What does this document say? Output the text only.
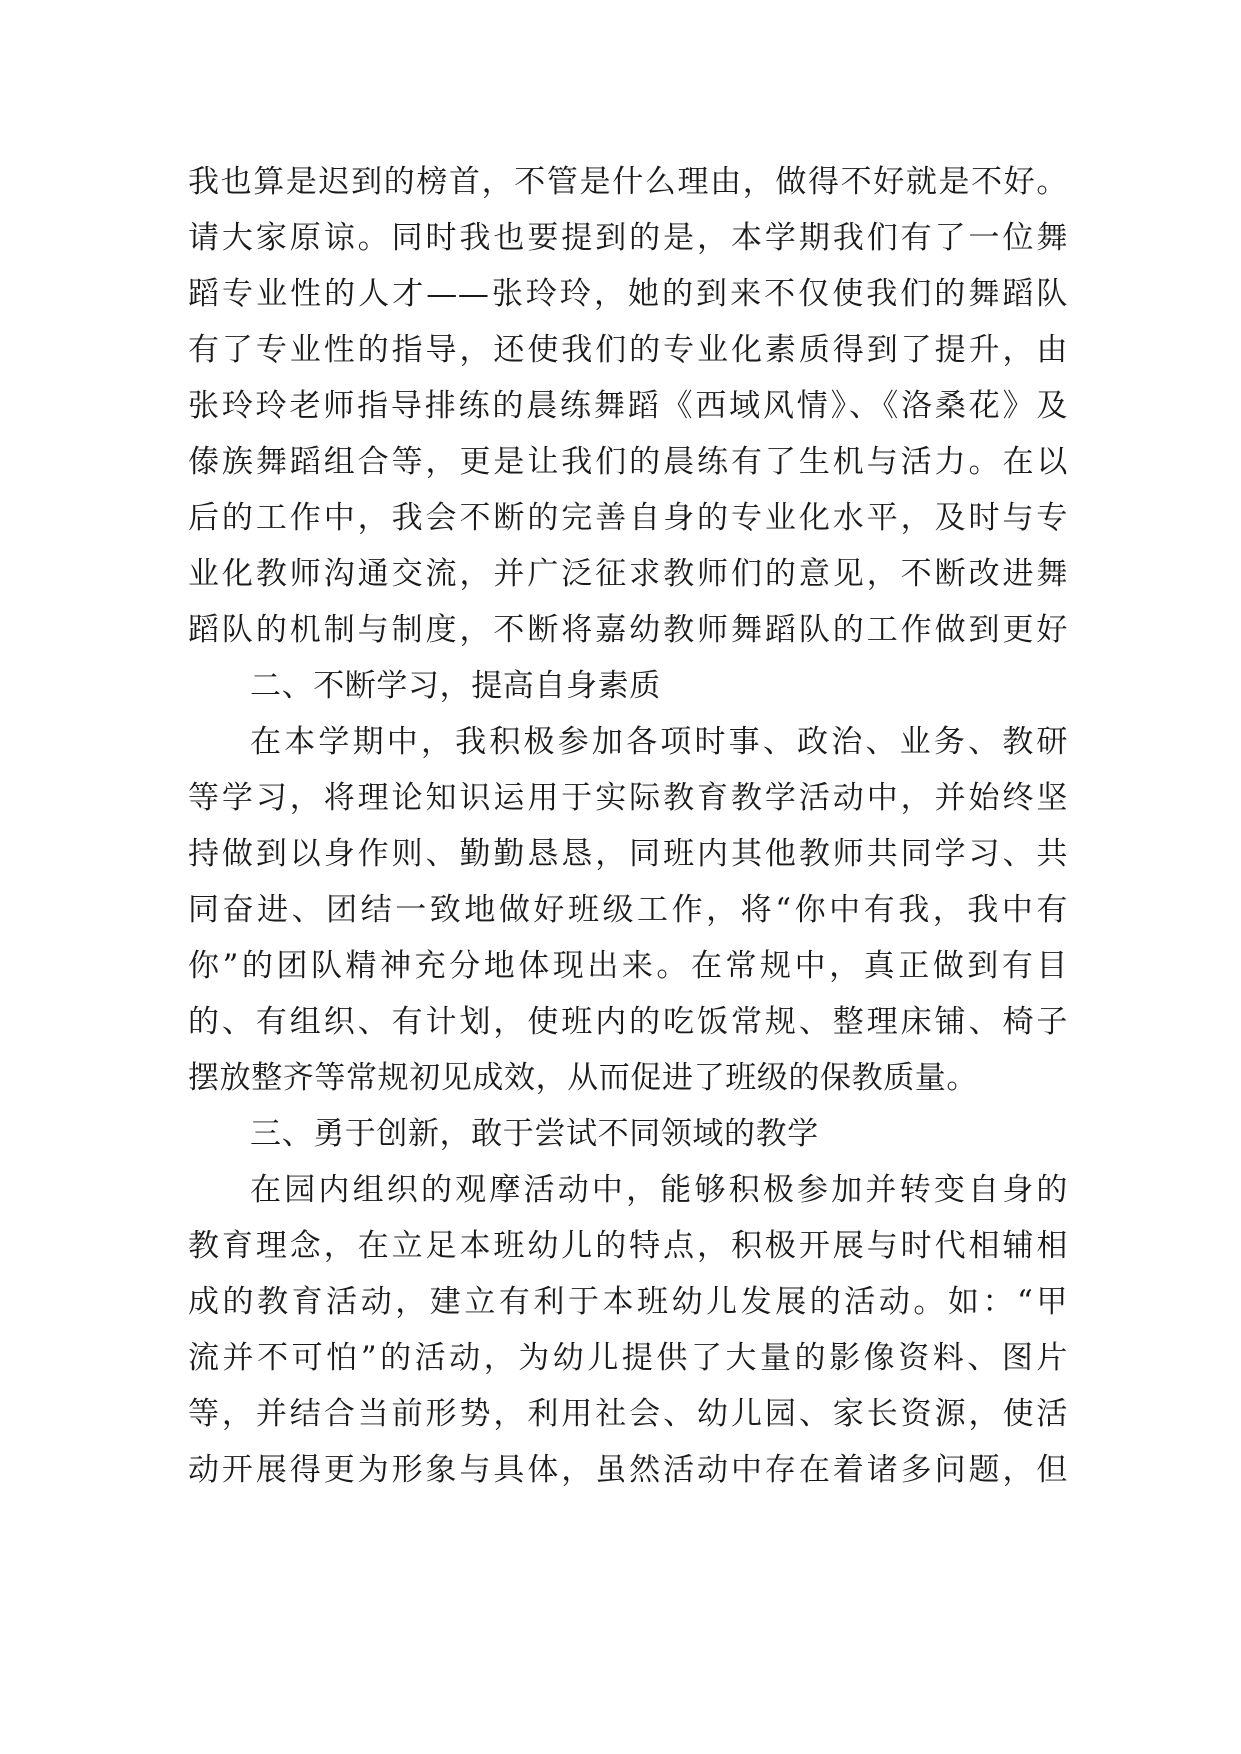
我也算是迟到的榜首，不管是什么理由，做得不好就是不好。
请大家原谅。同时我也要提到的是，本学期我们有了一位舞
蹈专业性的人才——张玲玲，她的到来不仅使我们的舞蹈队
有了专业性的指导，还使我们的专业化素质得到了提升，由
张玲玲老师指导排练的晨练舞蹈《西域风情》、《洛桑花》及
傣族舞蹈组合等，更是让我们的晨练有了生机与活力。在以
后的工作中，我会不断的完善自身的专业化水平，及时与专
业化教师沟通交流，并广泛征求教师们的意见，不断改进舞
蹈队的机制与制度，不断将嘉幼教师舞蹈队的工作做到更好
二、不断学习，提高自身素质
在本学期中，我积极参加各项时事、政治、业务、教研
等学习，将理论知识运用于实际教育教学活动中，并始终坚
持做到以身作则、勤勤恳恳，同班内其他教师共同学习、共
同奋进、团结一致地做好班级工作，将“你中有我，我中有
你”的团队精神充分地体现出来。在常规中，真正做到有目
的、有组织、有计划，使班内的吃饭常规、整理床铺、椅子
摆放整齐等常规初见成效，从而促进了班级的保教质量。
三、勇于创新，敢于尝试不同领域的教学
在园内组织的观摩活动中，能够积极参加并转变自身的
教育理念，在立足本班幼儿的特点，积极开展与时代相辅相
成的教育活动，建立有利于本班幼儿发展的活动。如：“甲
流并不可怕”的活动，为幼儿提供了大量的影像资料、图片
等，并结合当前形势，利用社会、幼儿园、家长资源，使活
动开展得更为形象与具体，虽然活动中存在着诸多问题，但
